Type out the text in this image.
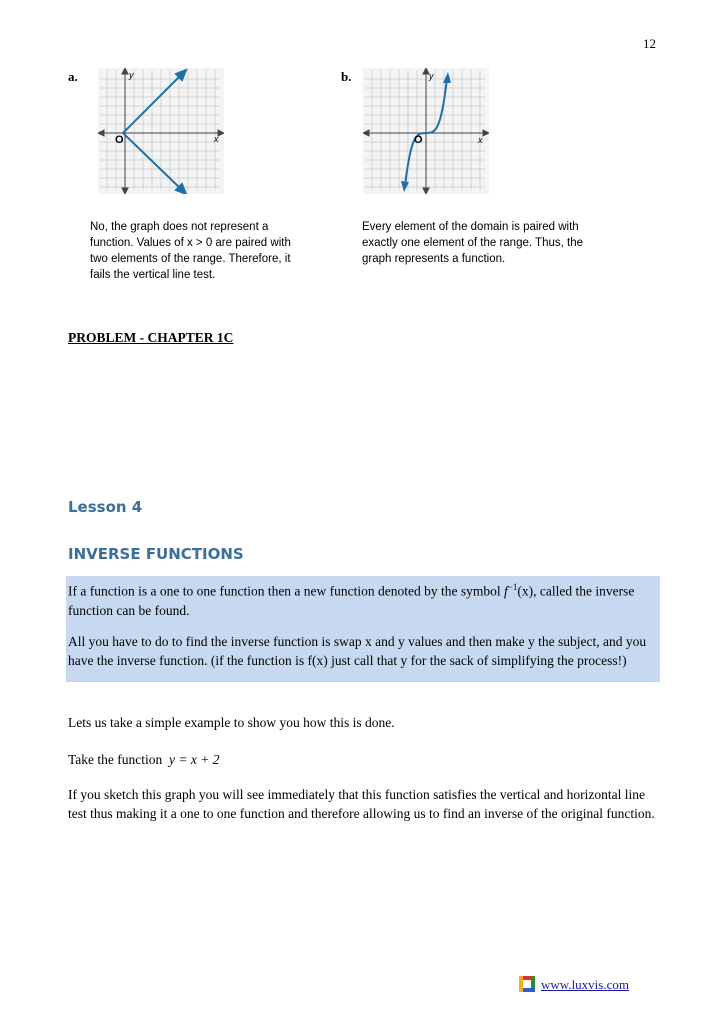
12
a.	y
x
O
b.	y
x
O
No, the graph does not represent a
function. Values of x > 0 are paired with
two elements of the range. Therefore, it
fails the vertical line test.
Every element of the domain is paired with
exactly one element of the range. Thus, the
graph represents a function.
PROBLEM - CHAPTER 1C
Lesson 4
INVERSE FUNCTIONS

If a function is a one to one function then a new function denoted by the symbol $f^{-1}(x)$, called the inverse function can be found.

All you have to do to find the inverse function is swap x and y values and then make y the subject, and you have the inverse function. (if the function is f(x) just call that y for the sack of simplifying the process!)

Lets us take a simple example to show you how this is done.
Take the function y = x + 2
If you sketch this graph you will see immediately that this function satisfies the vertical and horizontal line test thus making it a one to one function and therefore allowing us to find an inverse of the original function.
www.luxvis.com
